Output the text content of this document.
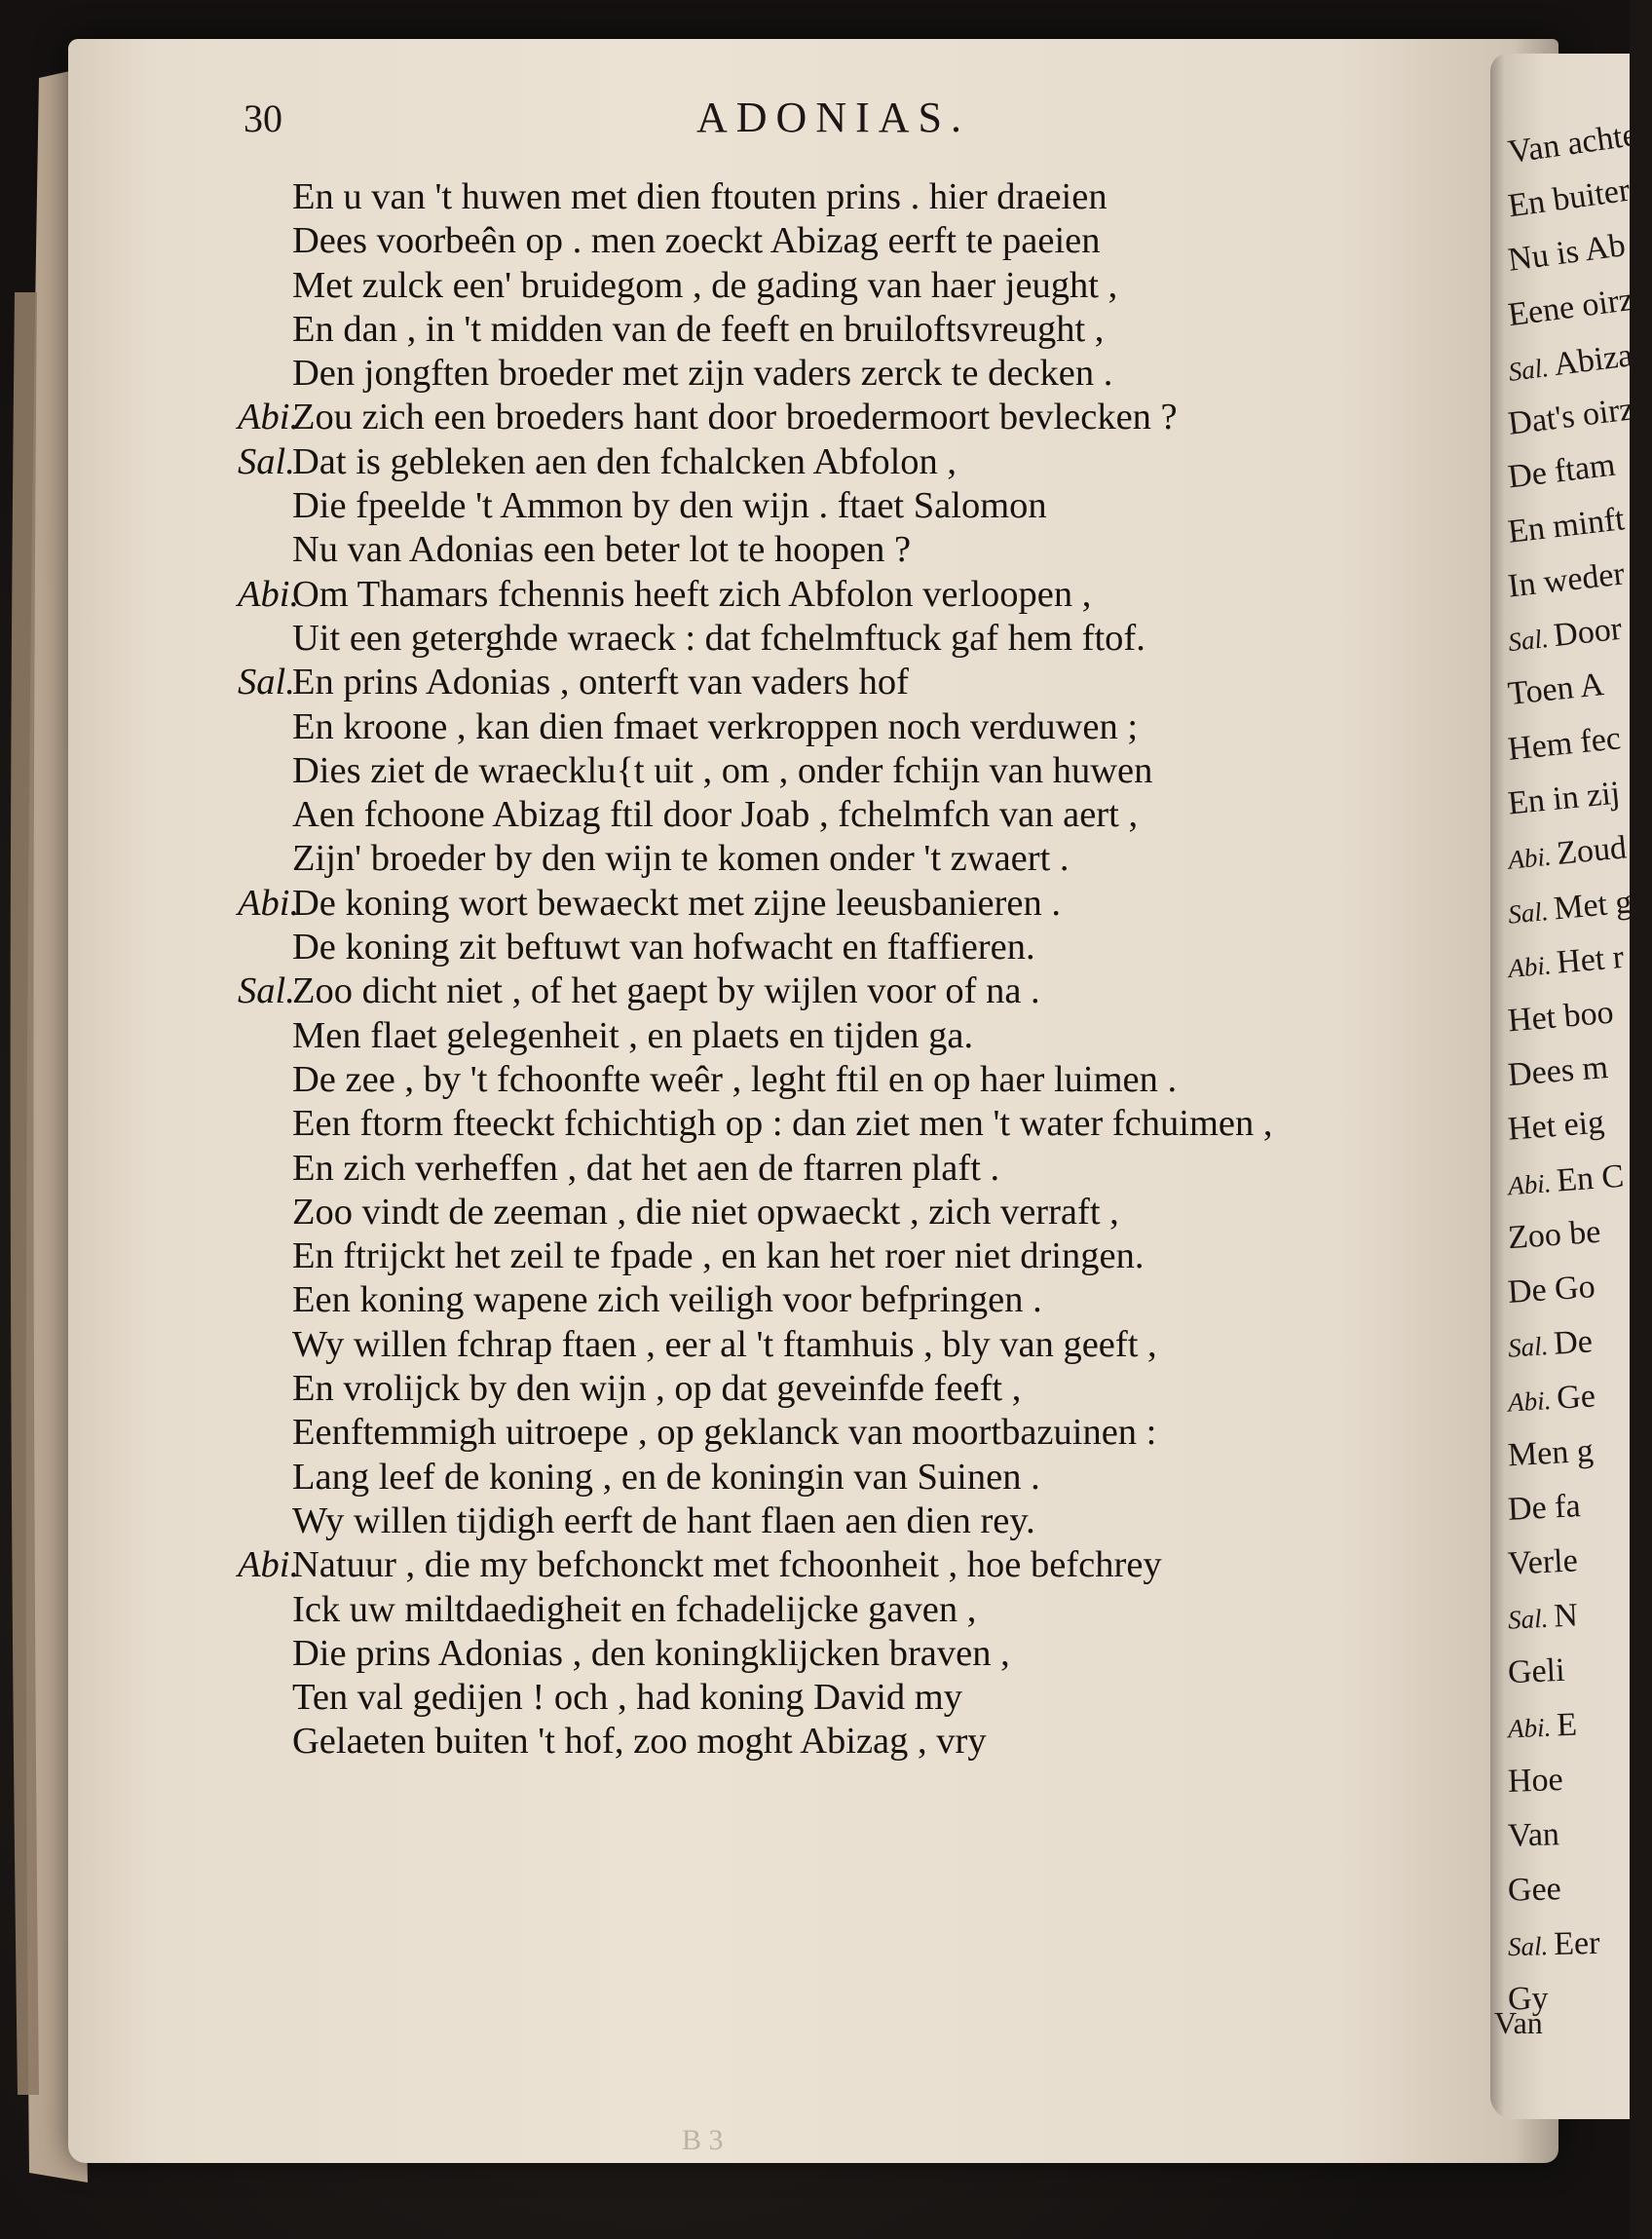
Van achte
En buiter
Nu is Ab
Eene oirz
Sal.Abizag
Dat's oirz
De ftam
En minft
In weder
Sal.Door
Toen A
Hem fec
En in zij
Abi.Zoud
Sal.Met g
Abi.Het r
Het boo
Dees m
Het eig
Abi. En C
Zoo be
De Go
Sal. De
Abi. Ge
Men g
De fa
Verle
Sal. N
Geli
Abi. E
Hoe
Van
Gee
Sal. Eer
Gy
30	ADONIAS.
En u van 't huwen met dien ftouten prins . hier draeien
Dees voorbeên op . men zoeckt Abizag eerft te paeien
Met zulck een' bruidegom , de gading van haer jeught ,
En dan , in 't midden van de feeft en bruiloftsvreught ,
Den jongften broeder met zijn vaders zerck te decken .
Abi.
Zou zich een broeders hant door broedermoort bevlecken ?
Sal.
Dat is gebleken aen den fchalcken Abfolon ,
Die fpeelde 't Ammon by den wijn . ftaet Salomon
Nu van Adonias een beter lot te hoopen ?
Abi.
Om Thamars fchennis heeft zich Abfolon verloopen ,
Uit een geterghde wraeck : dat fchelmftuck gaf hem ftof.
Sal.
En prins Adonias , onterft van vaders hof
En kroone , kan dien fmaet verkroppen noch verduwen ;
Dies ziet de wraecklu{t uit , om , onder fchijn van huwen
Aen fchoone Abizag ftil door Joab , fchelmfch van aert ,
Zijn' broeder by den wijn te komen onder 't zwaert .
Abi.
De koning wort bewaeckt met zijne leeusbanieren .
De koning zit beftuwt van hofwacht en ftaffieren.
Sal.
Zoo dicht niet , of het gaept by wijlen voor of na .
Men flaet gelegenheit , en plaets en tijden ga.
De zee , by 't fchoonfte weêr , leght ftil en op haer luimen .
Een ftorm fteeckt fchichtigh op : dan ziet men 't water fchuimen ,
En zich verheffen , dat het aen de ftarren plaft .
Zoo vindt de zeeman , die niet opwaeckt , zich verraft ,
En ftrijckt het zeil te fpade , en kan het roer niet dringen.
Een koning wapene zich veiligh voor befpringen .
Wy willen fchrap ftaen , eer al 't ftamhuis , bly van geeft ,
En vrolijck by den wijn , op dat geveinfde feeft ,
Eenftemmigh uitroepe , op geklanck van moortbazuinen :
Lang leef de koning , en de koningin van Suinen .
Wy willen tijdigh eerft de hant flaen aen dien rey.
Abi.
Natuur , die my befchonckt met fchoonheit , hoe befchrey
Ick uw miltdaedigheit en fchadelijcke gaven ,
Die prins Adonias , den koningklijcken braven ,
Ten val gedijen ! och , had koning David my
Gelaeten buiten 't hof, zoo moght Abizag , vry
Van
B 3
